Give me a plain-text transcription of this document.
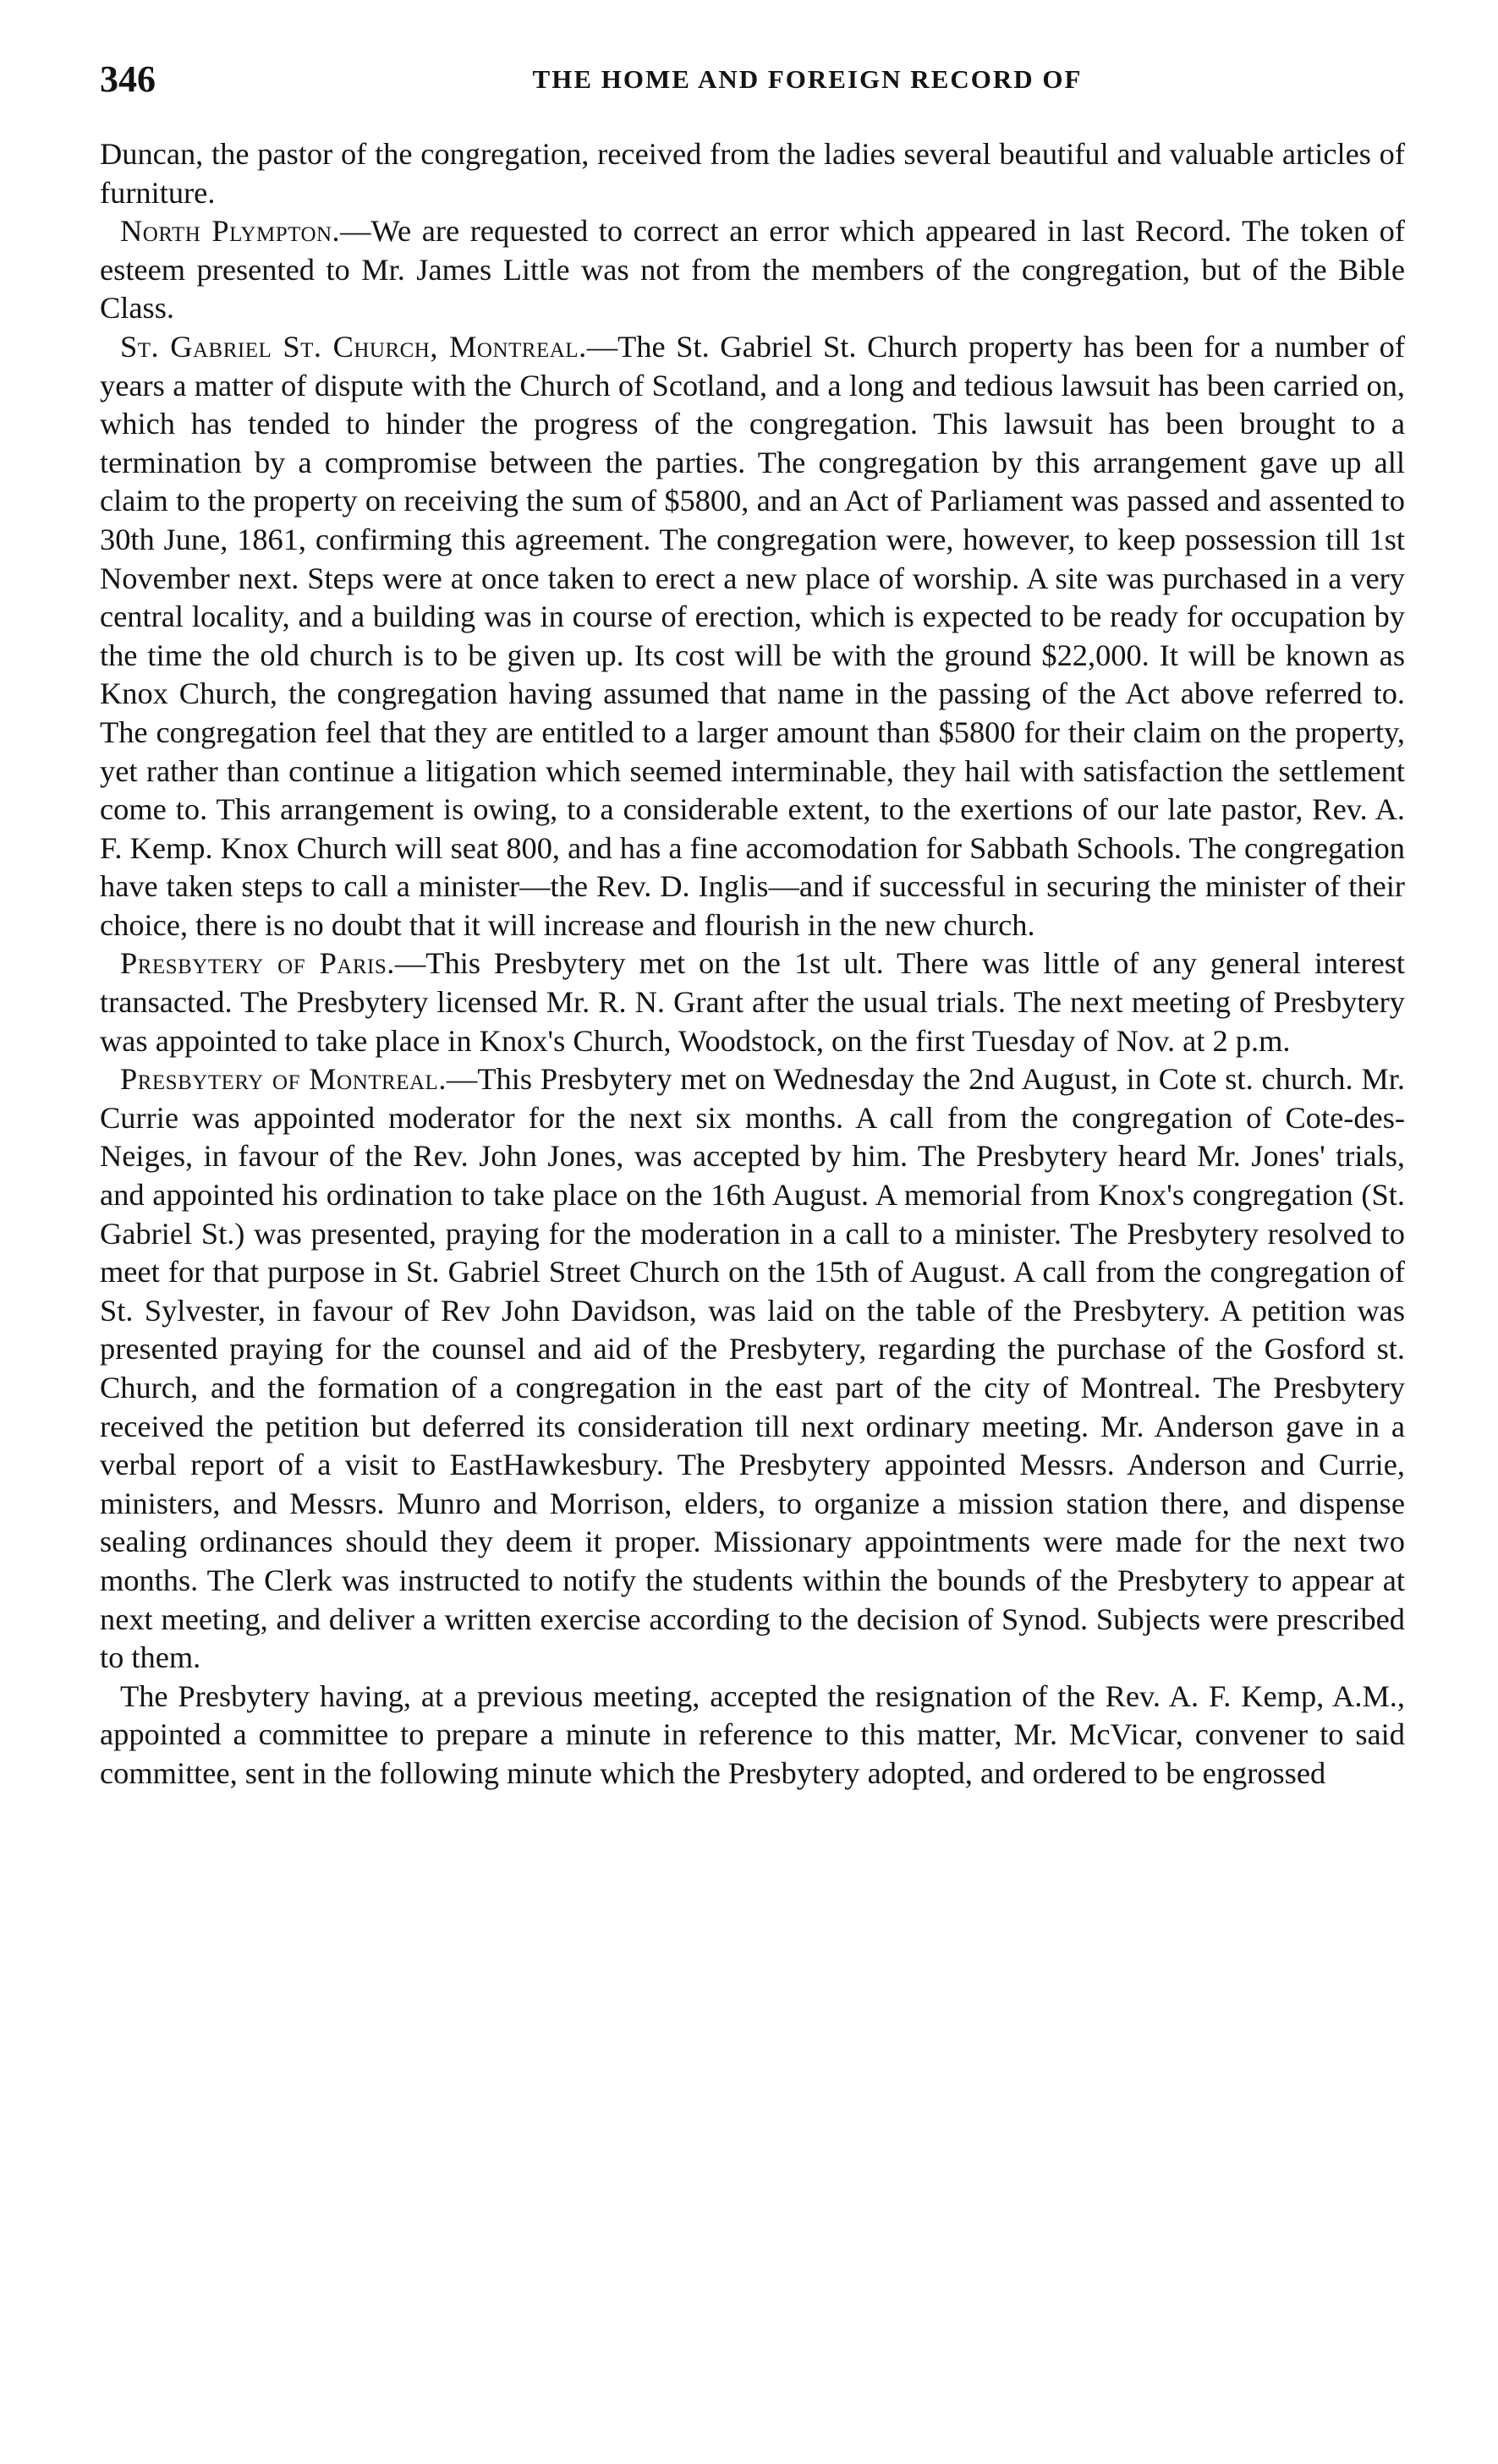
346	THE HOME AND FOREIGN RECORD OF

Duncan, the pastor of the congregation, received from the ladies several beautiful and valuable articles of furniture.

North Plympton.—We are requested to correct an error which appeared in last Record. The token of esteem presented to Mr. James Little was not from the members of the congregation, but of the Bible Class.

St. Gabriel St. Church, Montreal.—The St. Gabriel St. Church property has been for a number of years a matter of dispute with the Church of Scotland, and a long and tedious lawsuit has been carried on, which has tended to hinder the progress of the congregation. This lawsuit has been brought to a termination by a compromise between the parties. The congregation by this arrangement gave up all claim to the property on receiving the sum of $5800, and an Act of Parliament was passed and assented to 30th June, 1861, confirming this agreement. The congregation were, however, to keep possession till 1st November next. Steps were at once taken to erect a new place of worship. A site was purchased in a very central locality, and a building was in course of erection, which is expected to be ready for occupation by the time the old church is to be given up. Its cost will be with the ground $22,000. It will be known as Knox Church, the congregation having assumed that name in the passing of the Act above referred to. The congregation feel that they are entitled to a larger amount than $5800 for their claim on the property, yet rather than continue a litigation which seemed interminable, they hail with satisfaction the settlement come to. This arrangement is owing, to a considerable extent, to the exertions of our late pastor, Rev. A. F. Kemp. Knox Church will seat 800, and has a fine accomodation for Sabbath Schools. The congregation have taken steps to call a minister—the Rev. D. Inglis—and if successful in securing the minister of their choice, there is no doubt that it will increase and flourish in the new church.

Presbytery of Paris.—This Presbytery met on the 1st ult. There was little of any general interest transacted. The Presbytery licensed Mr. R. N. Grant after the usual trials. The next meeting of Presbytery was appointed to take place in Knox's Church, Woodstock, on the first Tuesday of Nov. at 2 p.m.

Presbytery of Montreal.—This Presbytery met on Wednesday the 2nd August, in Cote st. church. Mr. Currie was appointed moderator for the next six months. A call from the congregation of Cote-des-Neiges, in favour of the Rev. John Jones, was accepted by him. The Presbytery heard Mr. Jones' trials, and appointed his ordination to take place on the 16th August. A memorial from Knox's congregation (St. Gabriel St.) was presented, praying for the moderation in a call to a minister. The Presbytery resolved to meet for that purpose in St. Gabriel Street Church on the 15th of August. A call from the congregation of St. Sylvester, in favour of Rev John Davidson, was laid on the table of the Presbytery. A petition was presented praying for the counsel and aid of the Presbytery, regarding the purchase of the Gosford st. Church, and the formation of a congregation in the east part of the city of Montreal. The Presbytery received the petition but deferred its consideration till next ordinary meeting. Mr. Anderson gave in a verbal report of a visit to EastHawkesbury. The Presbytery appointed Messrs. Anderson and Currie, ministers, and Messrs. Munro and Morrison, elders, to organize a mission station there, and dispense sealing ordinances should they deem it proper. Missionary appointments were made for the next two months. The Clerk was instructed to notify the students within the bounds of the Presbytery to appear at next meeting, and deliver a written exercise according to the decision of Synod. Subjects were prescribed to them.

The Presbytery having, at a previous meeting, accepted the resignation of the Rev. A. F. Kemp, A.M., appointed a committee to prepare a minute in reference to this matter, Mr. McVicar, convener to said committee, sent in the following minute which the Presbytery adopted, and ordered to be engrossed
